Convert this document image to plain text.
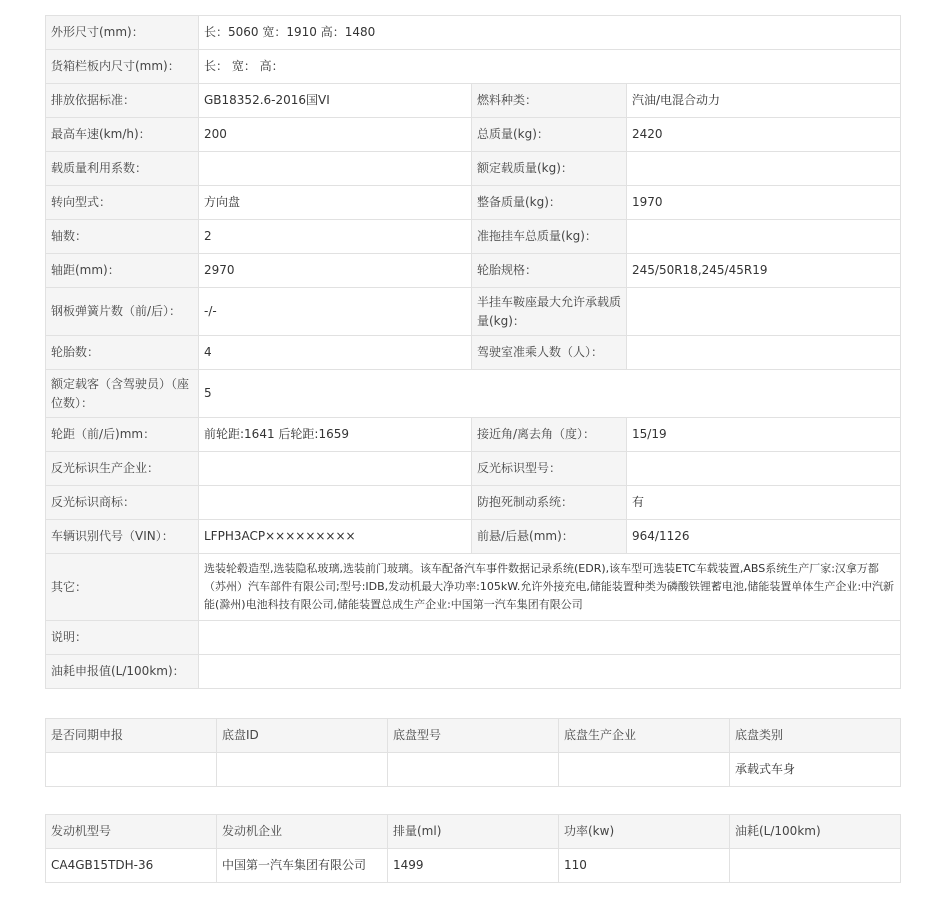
外形尺寸(mm)：	长：5060 宽：1910 高：1480		
货箱栏板内尺寸(mm)：	长： 宽： 高：		
排放依据标准：	GB18352.6-2016国VI	燃料种类：	汽油/电混合动力
最高车速(km/h)：	200	总质量(kg)：	2420
载质量利用系数：		额定载质量(kg)：	
转向型式：	方向盘	整备质量(kg)：	1970
轴数：	2	准拖挂车总质量(kg)：	
轴距(mm)：	2970	轮胎规格：	245/50R18,245/45R19
钢板弹簧片数（前/后）：	-/-	半挂车鞍座最大允许承载质量(kg)：	
轮胎数：	4	驾驶室准乘人数（人）：	
额定载客（含驾驶员）（座位数）：	5		
轮距（前/后)mm：	前轮距:1641 后轮距:1659	接近角/离去角（度）：	15/19
反光标识生产企业：		反光标识型号：	
反光标识商标：		防抱死制动系统：	有
车辆识别代号（VIN）：	LFPH3ACP×××××××××	前悬/后悬(mm)：	964/1126
其它：	选装轮毂造型,选装隐私玻璃,选装前门玻璃。该车配备汽车事件数据记录系统(EDR),该车型可选装ETC车载装置,ABS系统生产厂家:汉拿万都（苏州）汽车部件有限公司;型号:IDB,发动机最大净功率:105kW.允许外接充电,储能装置种类为磷酸铁锂蓄电池,储能装置单体生产企业:中汽新能(滁州)电池科技有限公司,储能装置总成生产企业:中国第一汽车集团有限公司		
说明：			
油耗申报值(L/100km)：			
是否同期申报	底盘ID	底盘型号	底盘生产企业	底盘类别
				承载式车身
发动机型号	发动机企业	排量(ml)	功率(kw)	油耗(L/100km)
CA4GB15TDH-36	中国第一汽车集团有限公司	1499	110	
